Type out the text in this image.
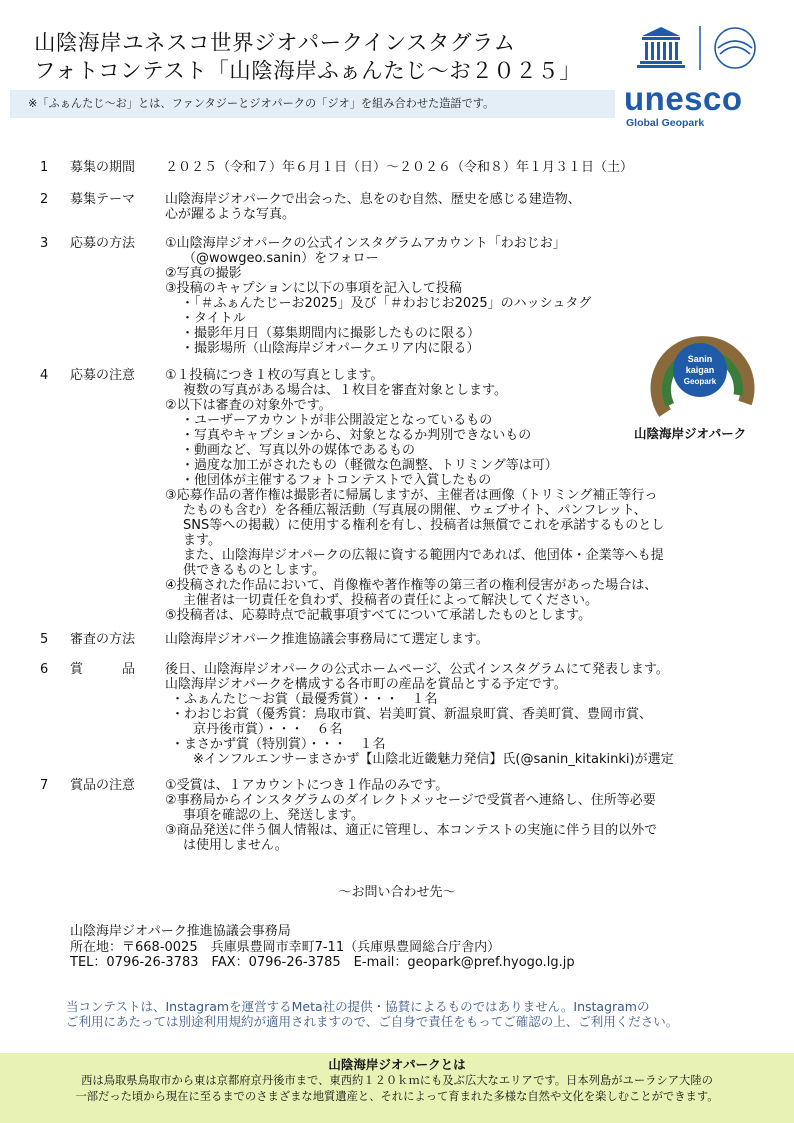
山陰海岸ユネスコ世界ジオパークインスタグラム
フォトコンテスト「山陰海岸ふぁんたじ〜お２０２５」
※「ふぁんたじ〜お」とは、ファンタジーとジオパークの「ジオ」を組み合わせた造語です。	unesco
Global Geopark
1 募集の期間 ２０２５（令和７）年６月１日（日）〜２０２６（令和８）年１月３１日（土）
2 募集テーマ 山陰海岸ジオパークで出会った、息をのむ自然、歴史を感じる建造物、
心が躍るような写真。
3 応募の方法 ①山陰海岸ジオパークの公式インスタグラムアカウント「わおじお」
（@wowgeo.sanin）をフォロー
②写真の撮影
③投稿のキャプションに以下の事項を記入して投稿
・「＃ふぁんたじーお2025」及び「＃わおじお2025」のハッシュタグ
・タイトル
・撮影年月日（募集期間内に撮影したものに限る）
・撮影場所（山陰海岸ジオパークエリア内に限る）
4 応募の注意 ①１投稿につき１枚の写真とします。
複数の写真がある場合は、１枚目を審査対象とします。
②以下は審査の対象外です。
・ユーザーアカウントが非公開設定となっているもの
・写真やキャプションから、対象となるか判別できないもの
・動画など、写真以外の媒体であるもの
・過度な加工がされたもの（軽微な色調整、トリミング等は可）
・他団体が主催するフォトコンテストで入賞したもの
③応募作品の著作権は撮影者に帰属しますが、主催者は画像（トリミング補正等行っ
たものも含む）を各種広報活動（写真展の開催、ウェブサイト、パンフレット、
SNS等への掲載）に使用する権利を有し、投稿者は無償でこれを承諾するものとし
ます。
また、山陰海岸ジオパークの広報に資する範囲内であれば、他団体・企業等へも提
供できるものとします。
④投稿された作品において、肖像権や著作権等の第三者の権利侵害があった場合は、
主催者は一切責任を負わず、投稿者の責任によって解決してください。
⑤投稿者は、応募時点で記載事項すべてについて承諾したものとします。
5 審査の方法 山陰海岸ジオパーク推進協議会事務局にて選定します。
6 賞　　　品 後日、山陰海岸ジオパークの公式ホームページ、公式インスタグラムにて発表します。
山陰海岸ジオパークを構成する各市町の産品を賞品とする予定です。
・ふぁんたじ〜お賞（最優秀賞）・・・　１名
・わおじお賞（優秀賞：鳥取市賞、岩美町賞、新温泉町賞、香美町賞、豊岡市賞、
京丹後市賞）・・・　６名
・まさかず賞（特別賞）・・・　１名
※インフルエンサーまさかず【山陰北近畿魅力発信】氏(@sanin_kitakinki)が選定
7 賞品の注意 ①受賞は、１アカウントにつき１作品のみです。
②事務局からインスタグラムのダイレクトメッセージで受賞者へ連絡し、住所等必要
事項を確認の上、発送します。
③商品発送に伴う個人情報は、適正に管理し、本コンテストの実施に伴う目的以外で
は使用しません。
Sanin
kaigan
Geopark
山陰海岸ジオパーク
〜お問い合わせ先〜
山陰海岸ジオパーク推進協議会事務局
所在地：〒668-0025　兵庫県豊岡市幸町7-11（兵庫県豊岡総合庁舎内）
TEL：0796-26-3783　FAX：0796-26-3785　E-mail：geopark@pref.hyogo.lg.jp
当コンテストは、Instagramを運営するMeta社の提供・協賛によるものではありません。Instagramの
ご利用にあたっては別途利用規約が適用されますので、ご自身で責任をもってご確認の上、ご利用ください。
山陰海岸ジオパークとは
西は鳥取県鳥取市から東は京都府京丹後市まで、東西約１２０ｋｍにも及ぶ広大なエリアです。日本列島がユーラシア大陸の
一部だった頃から現在に至るまでのさまざまな地質遺産と、それによって育まれた多様な自然や文化を楽しむことができます。
